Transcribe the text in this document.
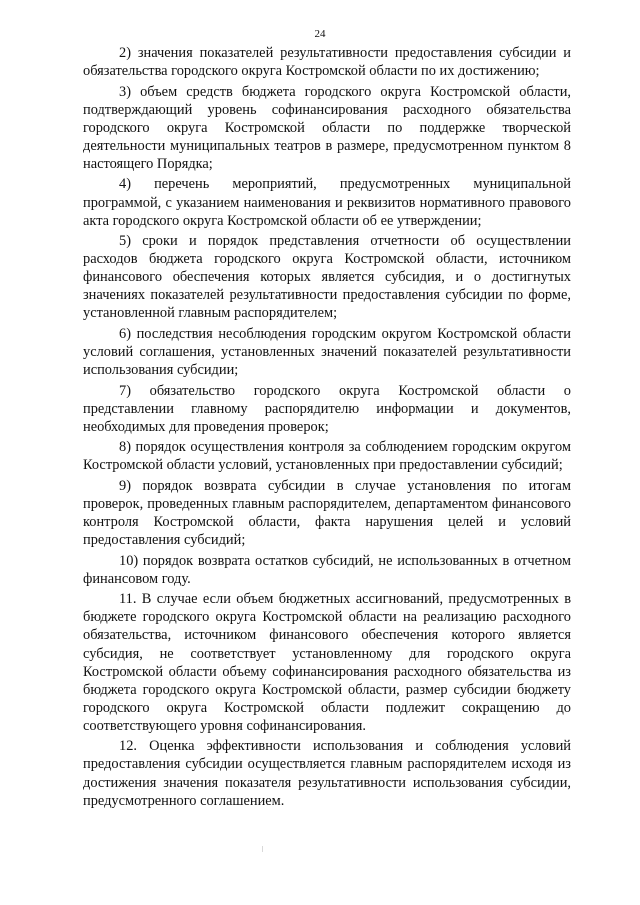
24

2) значения показателей результативности предоставления субсидии и обязательства городского округа Костромской области по их достижению;

3) объем средств бюджета городского округа Костромской области, подтверждающий уровень софинансирования расходного обязательства городского округа Костромской области по поддержке творческой деятельности муниципальных театров в размере, предусмотренном пунктом 8 настоящего Порядка;

4) перечень мероприятий, предусмотренных муниципальной программой, с указанием наименования и реквизитов нормативного правового акта городского округа Костромской области об ее утверждении;

5) сроки и порядок представления отчетности об осуществлении расходов бюджета городского округа Костромской области, источником финансового обеспечения которых является субсидия, и о достигнутых значениях показателей результативности предоставления субсидии по форме, установленной главным распорядителем;

6) последствия несоблюдения городским округом Костромской области условий соглашения, установленных значений показателей результативности использования субсидии;

7) обязательство городского округа Костромской области о представлении главному распорядителю информации и документов, необходимых для проведения проверок;

8) порядок осуществления контроля за соблюдением городским округом Костромской области условий, установленных при предоставлении субсидий;

9) порядок возврата субсидии в случае установления по итогам проверок, проведенных главным распорядителем, департаментом финансового контроля Костромской области, факта нарушения целей и условий предоставления субсидий;

10) порядок возврата остатков субсидий, не использованных в отчетном финансовом году.

11. В случае если объем бюджетных ассигнований, предусмотренных в бюджете городского округа Костромской области на реализацию расходного обязательства, источником финансового обеспечения которого является субсидия, не соответствует установленному для городского округа Костромской области объему софинансирования расходного обязательства из бюджета городского округа Костромской области, размер субсидии бюджету городского округа Костромской области подлежит сокращению до соответствующего уровня софинансирования.

12. Оценка эффективности использования и соблюдения условий предоставления субсидии осуществляется главным распорядителем исходя из достижения значения показателя результативности использования субсидии, предусмотренного соглашением.
